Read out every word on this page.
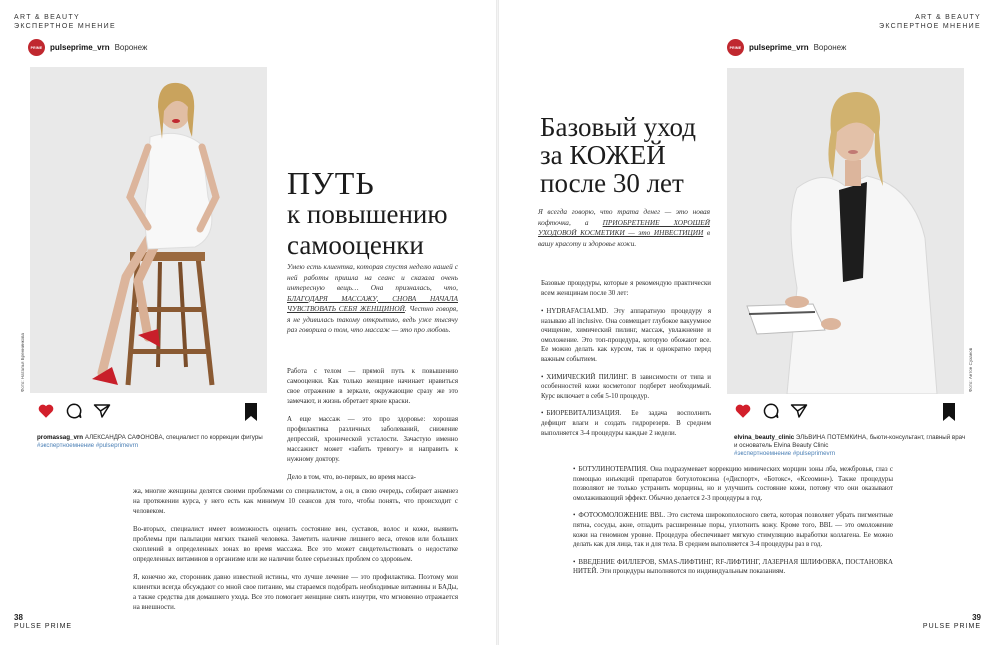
ART & BEAUTY
ЭКСПЕРТНОЕ МНЕНИЕ
PRIME pulseprime_vrn Воронеж
Фото: Наталья Бреннинкова
promassag_vrn АЛЕКСАНДРА САФОНОВА, специалист по коррекции фигуры
#экспертноемнение #pulseprimevrn
ПУТЬ
к повышению
самооценки
Умею есть клиентка, которая спустя неделю нашей с ней работы пришла на сеанс и сказала очень интересную вещь… Она призналась, что, БЛАГОДАРЯ МАССАЖУ, СНОВА НАЧАЛА ЧУВСТВОВАТЬ СЕБЯ ЖЕНЩИНОЙ. Честно говоря, я не удивилась такому открытию, ведь уже тысячу раз говорила о том, что массаж — это про любовь.

Работа с телом — прямой путь к повышению самооценки. Как только женщине начинает нравиться свое отражение в зеркале, окружающие сразу же это замечают, и жизнь обретает яркие краски.

А еще массаж — это про здоровье: хорошая профилактика различных заболеваний, снижение депрессий, хронической усталости. Зачастую именно массажист может «забить тревогу» и направить к нужному доктору.

Дело в том, что, во-первых, во время масса-

жа, многие женщины делятся своими проблемами со специалистом, а он, в свою очередь, собирает анамнез на протяжении курса, у него есть как минимум 10 сеансов для того, чтобы понять, что происходит с человеком.

Во-вторых, специалист имеет возможность оценить состояние вен, суставов, волос и кожи, выявить проблемы при пальпации мягких тканей человека. Заметить наличие лишнего веса, отеков или больших скоплений в определенных зонах во время массажа. Все это может свидетельствовать о недостатке определенных витаминов в организме или же наличии более серьезных проблем со здоровьем.

Я, конечно же, сторонник давно известной истины, что лучше лечение — это профилактика. Поэтому мои клиентки всегда обсуждают со мной свое питание, мы стараемся подобрать необходимые витамины и БАДы, а также средства для домашнего ухода. Все это помогает женщине сиять изнутри, что мгновенно отражается на внешности.

38
PULSE PRIME
ART & BEAUTY
ЭКСПЕРТНОЕ МНЕНИЕ
PRIME pulseprime_vrn Воронеж
Базовый уход
за КОЖЕЙ
после 30 лет
Я всегда говорю, что трата денег — это новая кофточка, а ПРИОБРЕТЕНИЕ ХОРОШЕЙ УХОДОВОЙ КОСМЕТИКИ — это ИНВЕСТИЦИИ в вашу красоту и здоровье кожи.

Базовые процедуры, которые я рекомендую практически всем женщинам после 30 лет:

• HYDRAFACIALMD. Эту аппаратную процедуру я называю all inclusive. Она совмещает глубокое вакуумное очищение, химический пилинг, массаж, увлажнение и омоложение. Это топ-процедура, которую обожают все. Ее можно делать как курсом, так и однократно перед важным событием.
• ХИМИЧЕСКИЙ ПИЛИНГ. В зависимости от типа и особенностей кожи косметолог подберет необходимый. Курс включает в себя 5-10 процедур.
• БИОРЕВИТАЛИЗАЦИЯ. Ее задача восполнить дефицит влаги и создать гидрорезерв. В среднем выполняется 3-4 процедуры каждые 2 недели.
• БОТУЛИНОТЕРАПИЯ. Она подразумевает коррекцию мимических морщин зоны лба, межбровья, глаз с помощью инъекций препаратов ботулотоксина («Диспорт», «Ботокс», «Ксеомин»). Также процедуры позволяют не только устранить морщины, но и улучшить состояние кожи, потому что они оказывают омолаживающий эффект. Обычно делается 2-3 процедуры в год.
• ФОТООМОЛОЖЕНИЕ BBL. Это система широкополосного света, которая позволяет убрать пигментные пятна, сосуды, акне, отладить расширенные поры, уплотнить кожу. Кроме того, BBL — это омоложение кожи на геномном уровне. Процедура обеспечивает мягкую стимуляцию выработки коллагена. Ее можно делать как для лица, так и для тела. В среднем выполняется 3-4 процедуры раз в год.
• ВВЕДЕНИЕ ФИЛЛЕРОВ, SMAS-ЛИФТИНГ, RF-ЛИФТИНГ, ЛАЗЕРНАЯ ШЛИФОВКА, ПОСТАНОВКА НИТЕЙ. Эти процедуры выполняются по индивидуальным показаниям.
Фото: Антон Суханов
elvina_beauty_clinic ЭЛЬВИНА ПОТЕМКИНА, бьюти-консультант, главный врач и основатель Elvina Beauty Clinic
#экспертноемнение #pulseprimevrn
39
PULSE PRIME
